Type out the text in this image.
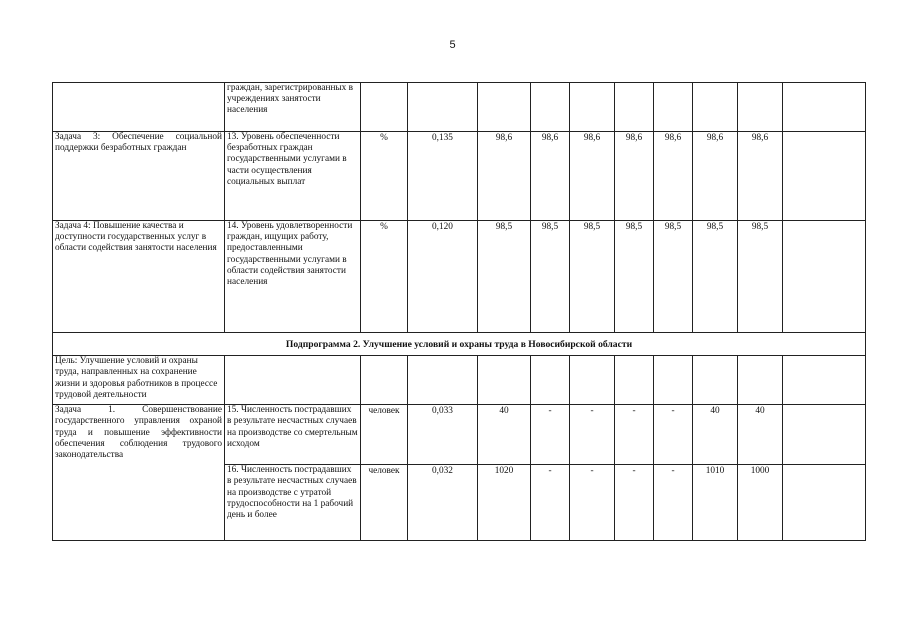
5
	граждан, зарегистрированных в учреждениях занятости населения										
Задача 3: Обеспечение социальной поддержки безработных граждан	13. Уровень обеспеченности безработных граждан государственными услугами в части осуществления социальных выплат	%	0,135	98,6	98,6	98,6	98,6	98,6	98,6	98,6	
Задача 4: Повышение качества и доступности государственных услуг в области содействия занятости населения	14. Уровень удовлетворенности граждан, ищущих работу, предоставленными государственными услугами в области содействия занятости населения	%	0,120	98,5	98,5	98,5	98,5	98,5	98,5	98,5	
Подпрограмма 2. Улучшение условий и охраны труда в Новосибирской области											
Цель: Улучшение условий и охраны труда, направленных на сохранение жизни и здоровья работников в процессе трудовой деятельности											
Задача 1. Совершенствование государственного управления охраной труда и повышение эффективности обеспечения соблюдения трудового законодательства	15. Численность пострадавших в результате несчастных случаев на производстве со смертельным исходом	человек	0,033	40	-	-	-	-	40	40	
	16. Численность пострадавших в результате несчастных случаев на производстве с утратой трудоспособности на 1 рабочий день и более	человек	0,032	1020	-	-	-	-	1010	1000	
